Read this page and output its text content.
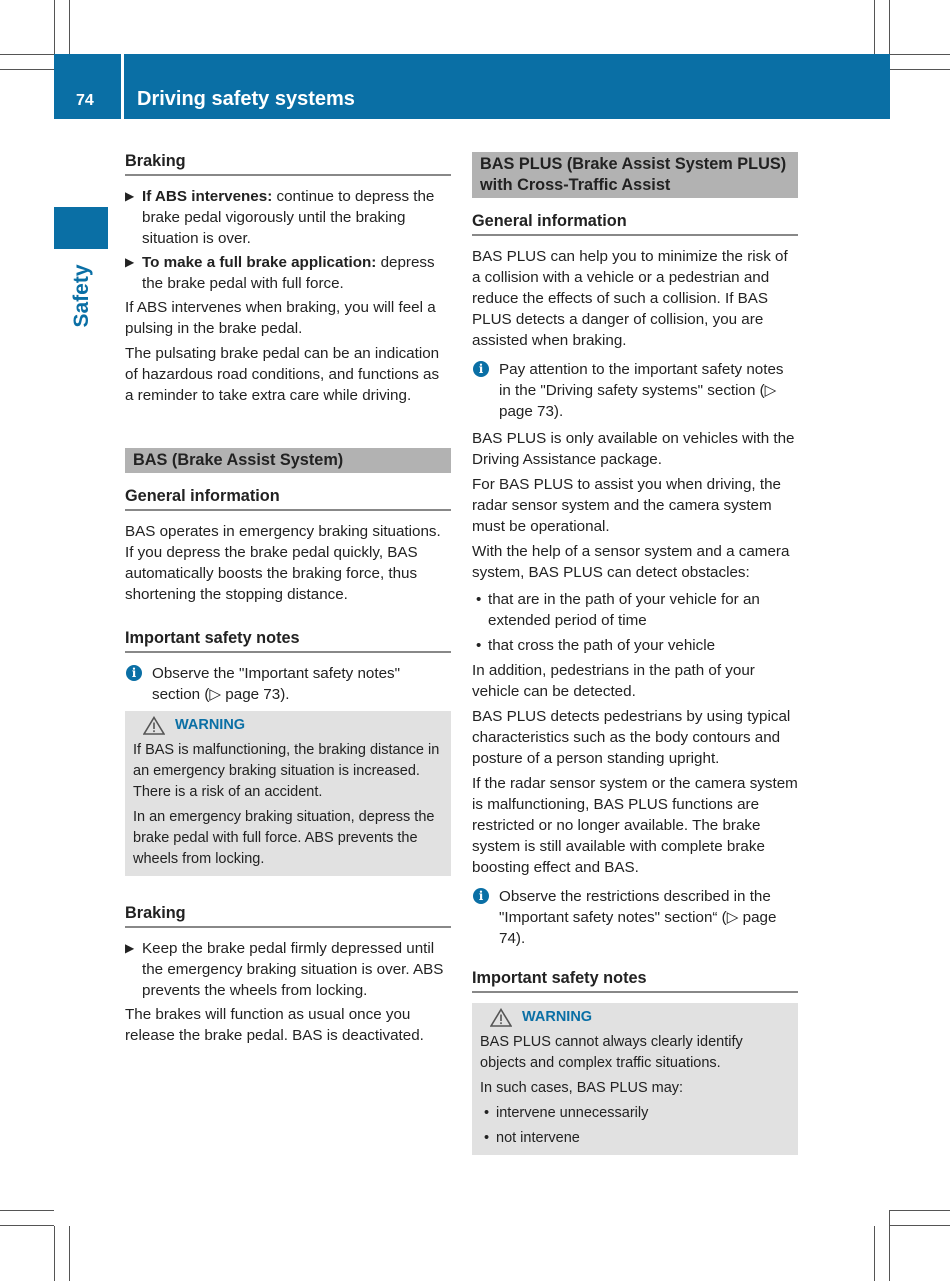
74	Driving safety systems
Safety
Braking
▶ If ABS intervenes: continue to depress the brake pedal vigorously until the braking situation is over.
▶ To make a full brake application: depress the brake pedal with full force.

If ABS intervenes when braking, you will feel a pulsing in the brake pedal.

The pulsating brake pedal can be an indication of hazardous road conditions, and functions as a reminder to take extra care while driving.

BAS (Brake Assist System)
General information

BAS operates in emergency braking situations. If you depress the brake pedal quickly, BAS automatically boosts the braking force, thus shortening the stopping distance.

Important safety notes
i	Observe the "Important safety notes" section (▷ page 73).
WARNING

If BAS is malfunctioning, the braking distance in an emergency braking situation is increased. There is a risk of an accident.

In an emergency braking situation, depress the brake pedal with full force. ABS prevents the wheels from locking.

Braking
▶ Keep the brake pedal firmly depressed until the emergency braking situation is over. ABS prevents the wheels from locking.

The brakes will function as usual once you release the brake pedal. BAS is deactivated.

BAS PLUS (Brake Assist System PLUS) with Cross-Traffic Assist
General information

BAS PLUS can help you to minimize the risk of a collision with a vehicle or a pedestrian and reduce the effects of such a collision. If BAS PLUS detects a danger of collision, you are assisted when braking.

i	Pay attention to the important safety notes in the "Driving safety systems" section (▷ page 73).

BAS PLUS is only available on vehicles with the Driving Assistance package.

For BAS PLUS to assist you when driving, the radar sensor system and the camera system must be operational.

With the help of a sensor system and a camera system, BAS PLUS can detect obstacles:

• that are in the path of your vehicle for an extended period of time
• that cross the path of your vehicle

In addition, pedestrians in the path of your vehicle can be detected.

BAS PLUS detects pedestrians by using typical characteristics such as the body contours and posture of a person standing upright.

If the radar sensor system or the camera system is malfunctioning, BAS PLUS functions are restricted or no longer available. The brake system is still available with complete brake boosting effect and BAS.

i	Observe the restrictions described in the "Important safety notes" section“ (▷ page 74).
Important safety notes
WARNING

BAS PLUS cannot always clearly identify objects and complex traffic situations.

In such cases, BAS PLUS may:

• intervene unnecessarily
• not intervene
